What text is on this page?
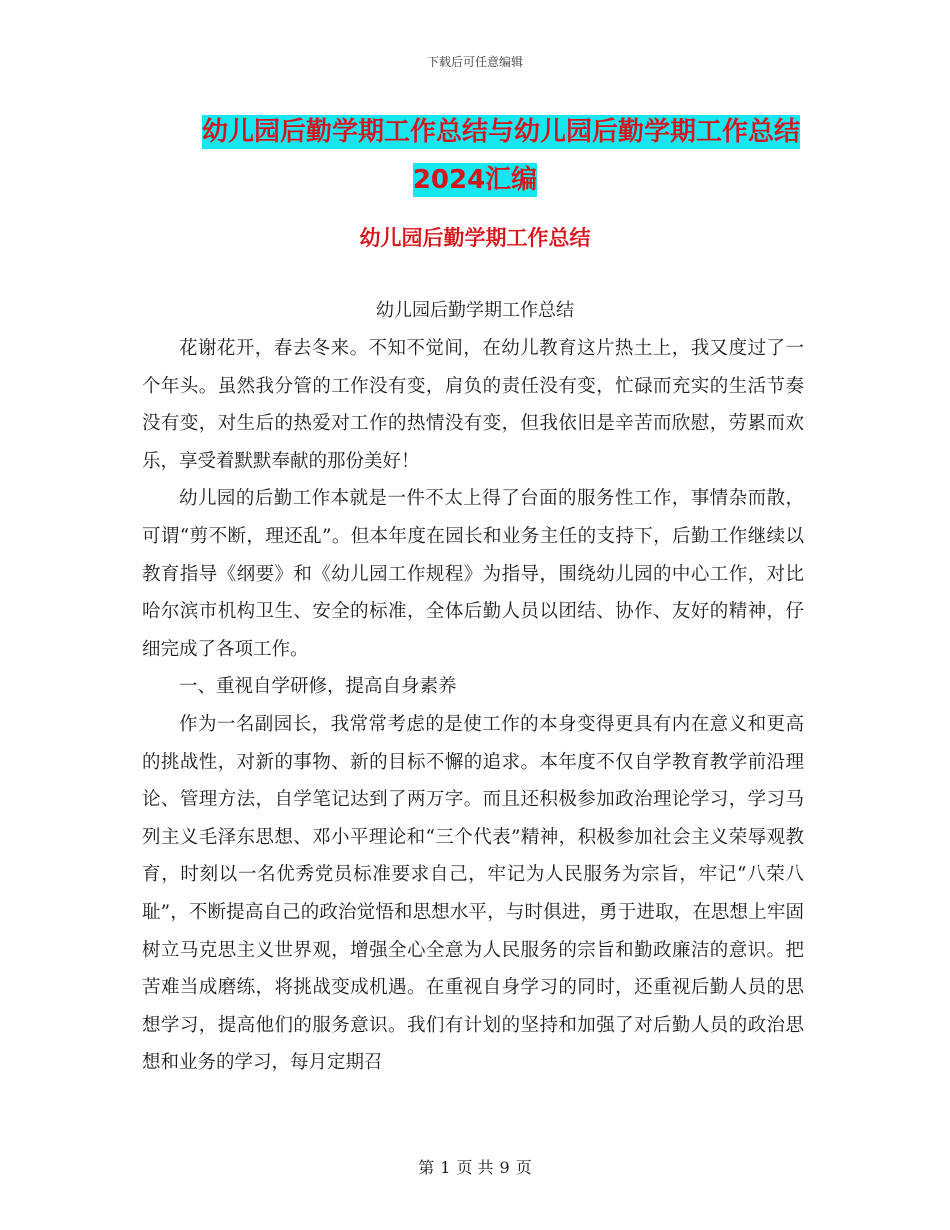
下载后可任意编辑
幼儿园后勤学期工作总结与幼儿园后勤学期工作总结
2024汇编
幼儿园后勤学期工作总结
幼儿园后勤学期工作总结

花谢花开，春去冬来。不知不觉间，在幼儿教育这片热土上，我又度过了一个年头。虽然我分管的工作没有变，肩负的责任没有变，忙碌而充实的生活节奏没有变，对生后的热爱对工作的热情没有变，但我依旧是辛苦而欣慰，劳累而欢乐，享受着默默奉献的那份美好！

幼儿园的后勤工作本就是一件不太上得了台面的服务性工作，事情杂而散，可谓“剪不断，理还乱”。但本年度在园长和业务主任的支持下，后勤工作继续以教育指导《纲要》和《幼儿园工作规程》为指导，围绕幼儿园的中心工作，对比哈尔滨市机构卫生、安全的标准，全体后勤人员以团结、协作、友好的精神，仔细完成了各项工作。

一、重视自学研修，提高自身素养

作为一名副园长，我常常考虑的是使工作的本身变得更具有内在意义和更高的挑战性，对新的事物、新的目标不懈的追求。本年度不仅自学教育教学前沿理论、管理方法，自学笔记达到了两万字。而且还积极参加政治理论学习，学习马列主义毛泽东思想、邓小平理论和“三个代表”精神，积极参加社会主义荣辱观教育，时刻以一名优秀党员标准要求自己，牢记为人民服务为宗旨，牢记“八荣八耻”，不断提高自己的政治觉悟和思想水平，与时俱进，勇于进取，在思想上牢固树立马克思主义世界观，增强全心全意为人民服务的宗旨和勤政廉洁的意识。把苦难当成磨练，将挑战变成机遇。在重视自身学习的同时，还重视后勤人员的思想学习，提高他们的服务意识。我们有计划的坚持和加强了对后勤人员的政治思想和业务的学习，每月定期召

第 1 页 共 9 页
